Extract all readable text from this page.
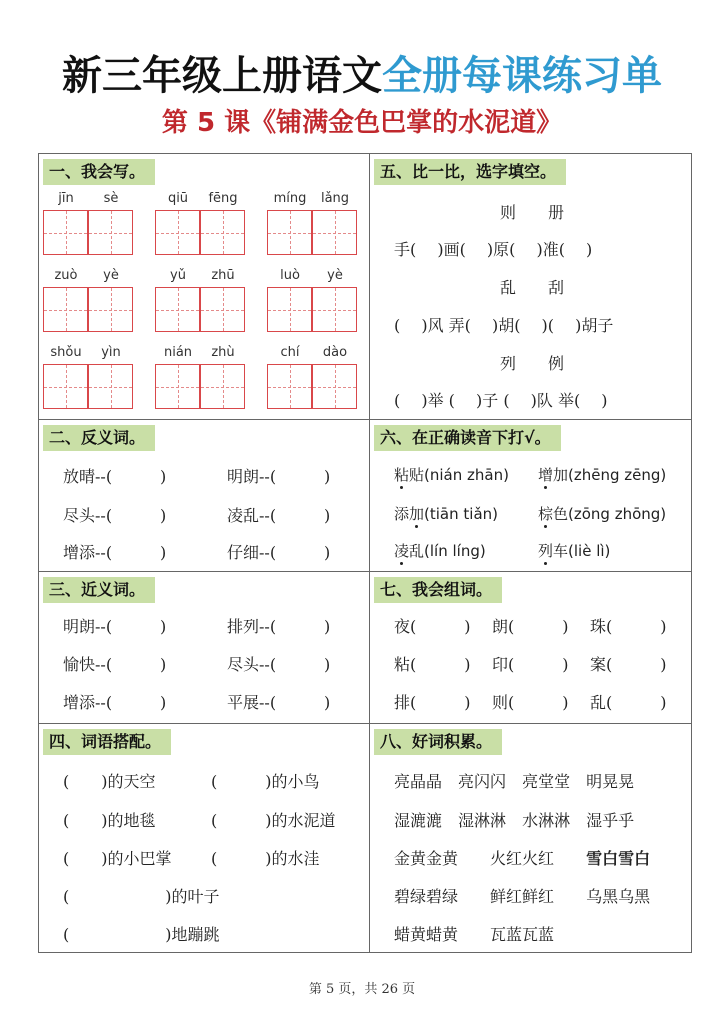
新三年级上册语文全册每课练习单
第 5 课《铺满金色巴掌的水泥道》
一、我会写。
jīn	sè	qiū	fēng	míng	lǎng
zuò	yè	yǔ	zhū	luò	yè
shǒu	yìn	nián	zhù	chí	dào
五、比一比，选字填空。
则　　册
手(　 )画(　 )原(　 )准(　 )
乱　　刮
(　 )风 弄(　 )胡(　 )(　 )胡子
列　　例
(　 )举 (　 )子 (　 )队 举(　 )
二、反义词。
放晴--(　　　)	明朗--(　　　)
尽头--(　　　)	凌乱--(　　　)
增添--(　　　)	仔细--(　　　)
六、在正确读音下打√。
粘贴(nián zhān) 增加(zhēng zēng)
添加(tiān tiǎn)	棕色(zōng zhōng)
凌乱(lín líng)	列车(liè lì)
三、近义词。
明朗--(　　　)	排列--(　　　)
愉快--(　　　)	尽头--(　　　)
增添--(　　　)	平展--(　　　)
七、我会组词。
夜(　　　) 朗(　　　) 珠(　　　)
粘(　　　) 印(　　　) 案(　　　)
排(　　　) 则(　　　) 乱(　　　)
四、词语搭配。
(　　)的天空	(　　　)的小鸟
(　　)的地毯	(　　　)的水泥道
(　　)的小巴掌 (　　　)的水洼
(　　　　　　)的叶子
(　　　　　　)地蹦跳
八、好词积累。
亮晶晶　 亮闪闪　 亮堂堂　 明晃晃
湿漉漉　 湿淋淋　 水淋淋　 湿乎乎
金黄金黄　　 火红火红　　 雪白雪白
碧绿碧绿　　 鲜红鲜红　　 乌黑乌黑
蜡黄蜡黄　　 瓦蓝瓦蓝
第 5 页，共 26 页
